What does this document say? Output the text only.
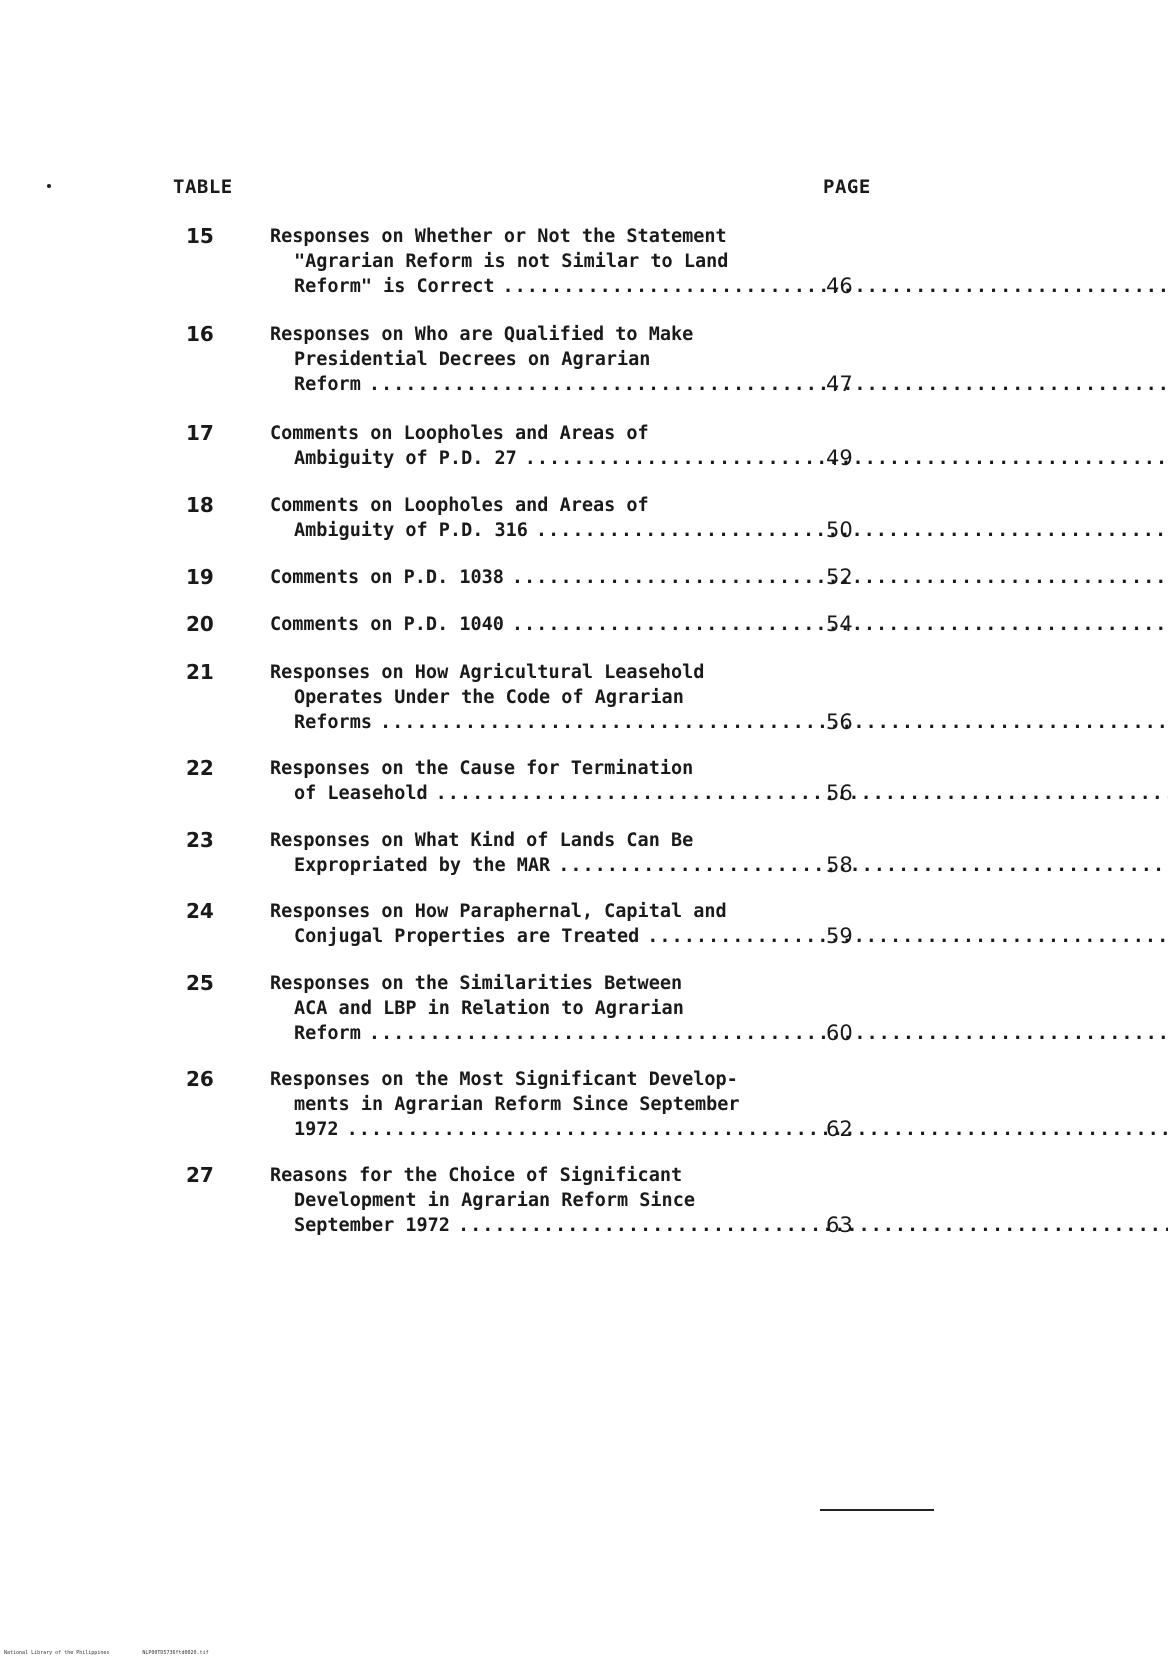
TABLE	PAGE
15	Responses on Whether or Not the Statement
"Agrarian Reform is not Similar to Land
Reform" is Correct .....	46
16	Responses on Who are Qualified to Make
Presidential Decrees on Agrarian
Reform .....	47
17	Comments on Loopholes and Areas of
Ambiguity of P.D. 27 .....	49
18	Comments on Loopholes and Areas of
Ambiguity of P.D. 316 .....	50
19	Comments on P.D. 1038 .....	52
20	Comments on P.D. 1040 .....	54
21	Responses on How Agricultural Leasehold
Operates Under the Code of Agrarian
Reforms .....	56
22	Responses on the Cause for Termination
of Leasehold .....	56
23	Responses on What Kind of Lands Can Be
Expropriated by the MAR .....	58
24	Responses on How Paraphernal, Capital and
Conjugal Properties are Treated .....	59
25	Responses on the Similarities Between
ACA and LBP in Relation to Agrarian
Reform .....	60
26	Responses on the Most Significant Develop-
ments in Agrarian Reform Since September
1972 .....	62
27	Reasons for the Choice of Significant
Development in Agrarian Reform Since
September 1972 .....	63
National Library of the Philippines	NLP00TD5736ftd0020.tif
